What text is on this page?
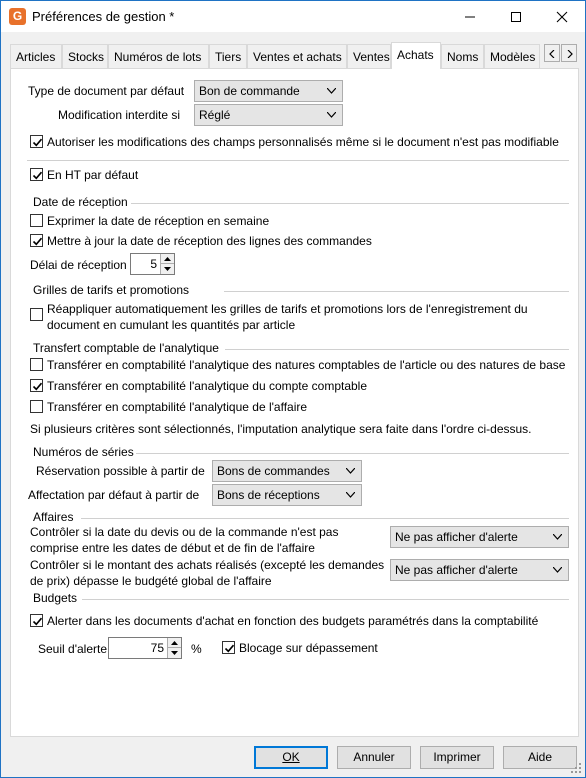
G Préférences de gestion *
Articles	Stocks Numéros de lots	Tiers Ventes et achats Ventes Achats	Noms Modèles
Type de document par défaut Bon de commande
Modification interdite si Réglé
Autoriser les modifications des champs personnalisés même si le document n'est pas modifiable
En HT par défaut
Date de réception
Exprimer la date de réception en semaine
Mettre à jour la date de réception des lignes des commandes
Délai de réception 5
Grilles de tarifs et promotions
Réappliquer automatiquement les grilles de tarifs et promotions lors de l'enregistrement du
document en cumulant les quantités par article
Transfert comptable de l'analytique
Transférer en comptabilité l'analytique des natures comptables de l'article ou des natures de base
Transférer en comptabilité l'analytique du compte comptable
Transférer en comptabilité l'analytique de l'affaire
Si plusieurs critères sont sélectionnés, l'imputation analytique sera faite dans l'ordre ci-dessus.
Numéros de séries
Réservation possible à partir de Bons de commandes
Affectation par défaut à partir de Bons de réceptions
Affaires
Contrôler si la date du devis ou de la commande n'est pas
comprise entre les dates de début et de fin de l'affaire
Ne pas afficher d'alerte
Contrôler si le montant des achats réalisés (excepté les demandes
de prix) dépasse le budgété global de l'affaire
Ne pas afficher d'alerte
Budgets
Alerter dans les documents d'achat en fonction des budgets paramétrés dans la comptabilité
Seuil d'alerte	75 %	Blocage sur dépassement
OK	Annuler	Imprimer	Aide
